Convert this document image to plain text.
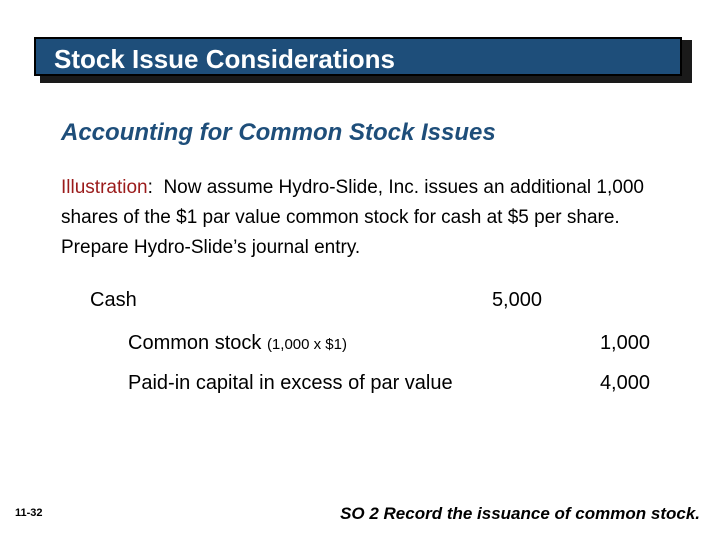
Stock Issue Considerations
Accounting for Common Stock Issues
Illustration:  Now assume Hydro-Slide, Inc. issues an additional 1,000 shares of the $1 par value common stock for cash at $5 per share. Prepare Hydro-Slide’s journal entry.
Cash	5,000
Common stock (1,000 x $1)	1,000
Paid-in capital in excess of par value	4,000
11-32	SO 2 Record the issuance of common stock.
